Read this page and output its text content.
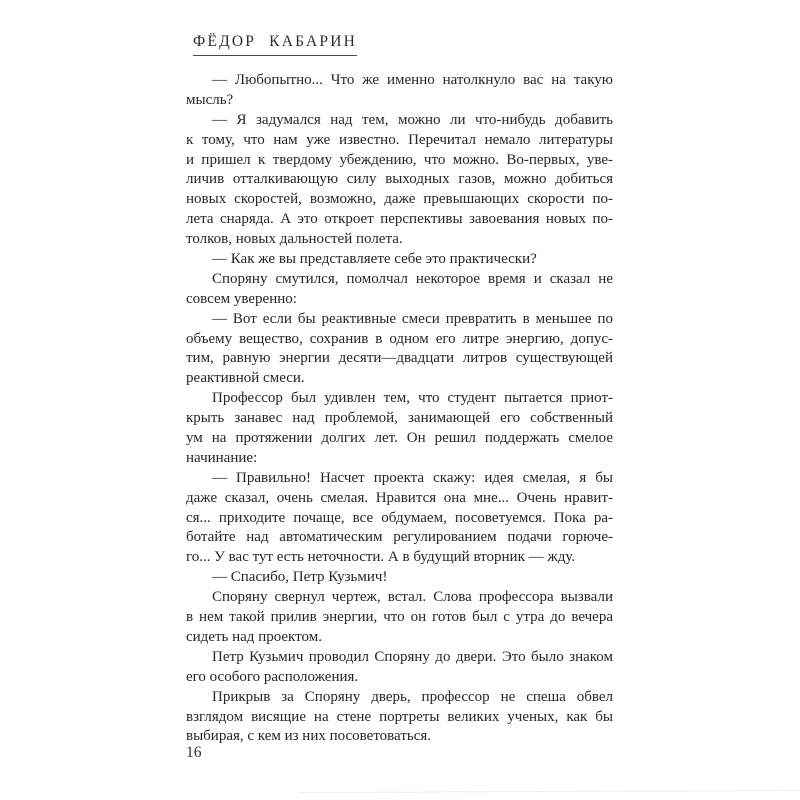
ФЁДОР КАБАРИН
— Любопытно... Что же именно натолкнуло вас на такую
мысль?
— Я задумался над тем, можно ли что-нибудь добавить
к тому, что нам уже известно. Перечитал немало литературы
и пришел к твердому убеждению, что можно. Во-первых, уве-
личив отталкивающую силу выходных газов, можно добиться
новых скоростей, возможно, даже превышающих скорости по-
лета снаряда. А это откроет перспективы завоевания новых по-
толков, новых дальностей полета.
— Как же вы представляете себе это практически?
Споряну смутился, помолчал некоторое время и сказал не
совсем уверенно:
— Вот если бы реактивные смеси превратить в меньшее по
объему вещество, сохранив в одном его литре энергию, допус-
тим, равную энергии десяти—двадцати литров существующей
реактивной смеси.
Профессор был удивлен тем, что студент пытается приот-
крыть занавес над проблемой, занимающей его собственный
ум на протяжении долгих лет. Он решил поддержать смелое
начинание:
— Правильно! Насчет проекта скажу: идея смелая, я бы
даже сказал, очень смелая. Нравится она мне... Очень нравит-
ся... приходите почаще, все обдумаем, посоветуемся. Пока ра-
ботайте над автоматическим регулированием подачи горюче-
го... У вас тут есть неточности. А в будущий вторник — жду.
— Спасибо, Петр Кузьмич!
Споряну свернул чертеж, встал. Слова профессора вызвали
в нем такой прилив энергии, что он готов был с утра до вечера
сидеть над проектом.
Петр Кузьмич проводил Споряну до двери. Это было знаком
его особого расположения.
Прикрыв за Споряну дверь, профессор не спеша обвел
взглядом висящие на стене портреты великих ученых, как бы
выбирая, с кем из них посоветоваться.
16
